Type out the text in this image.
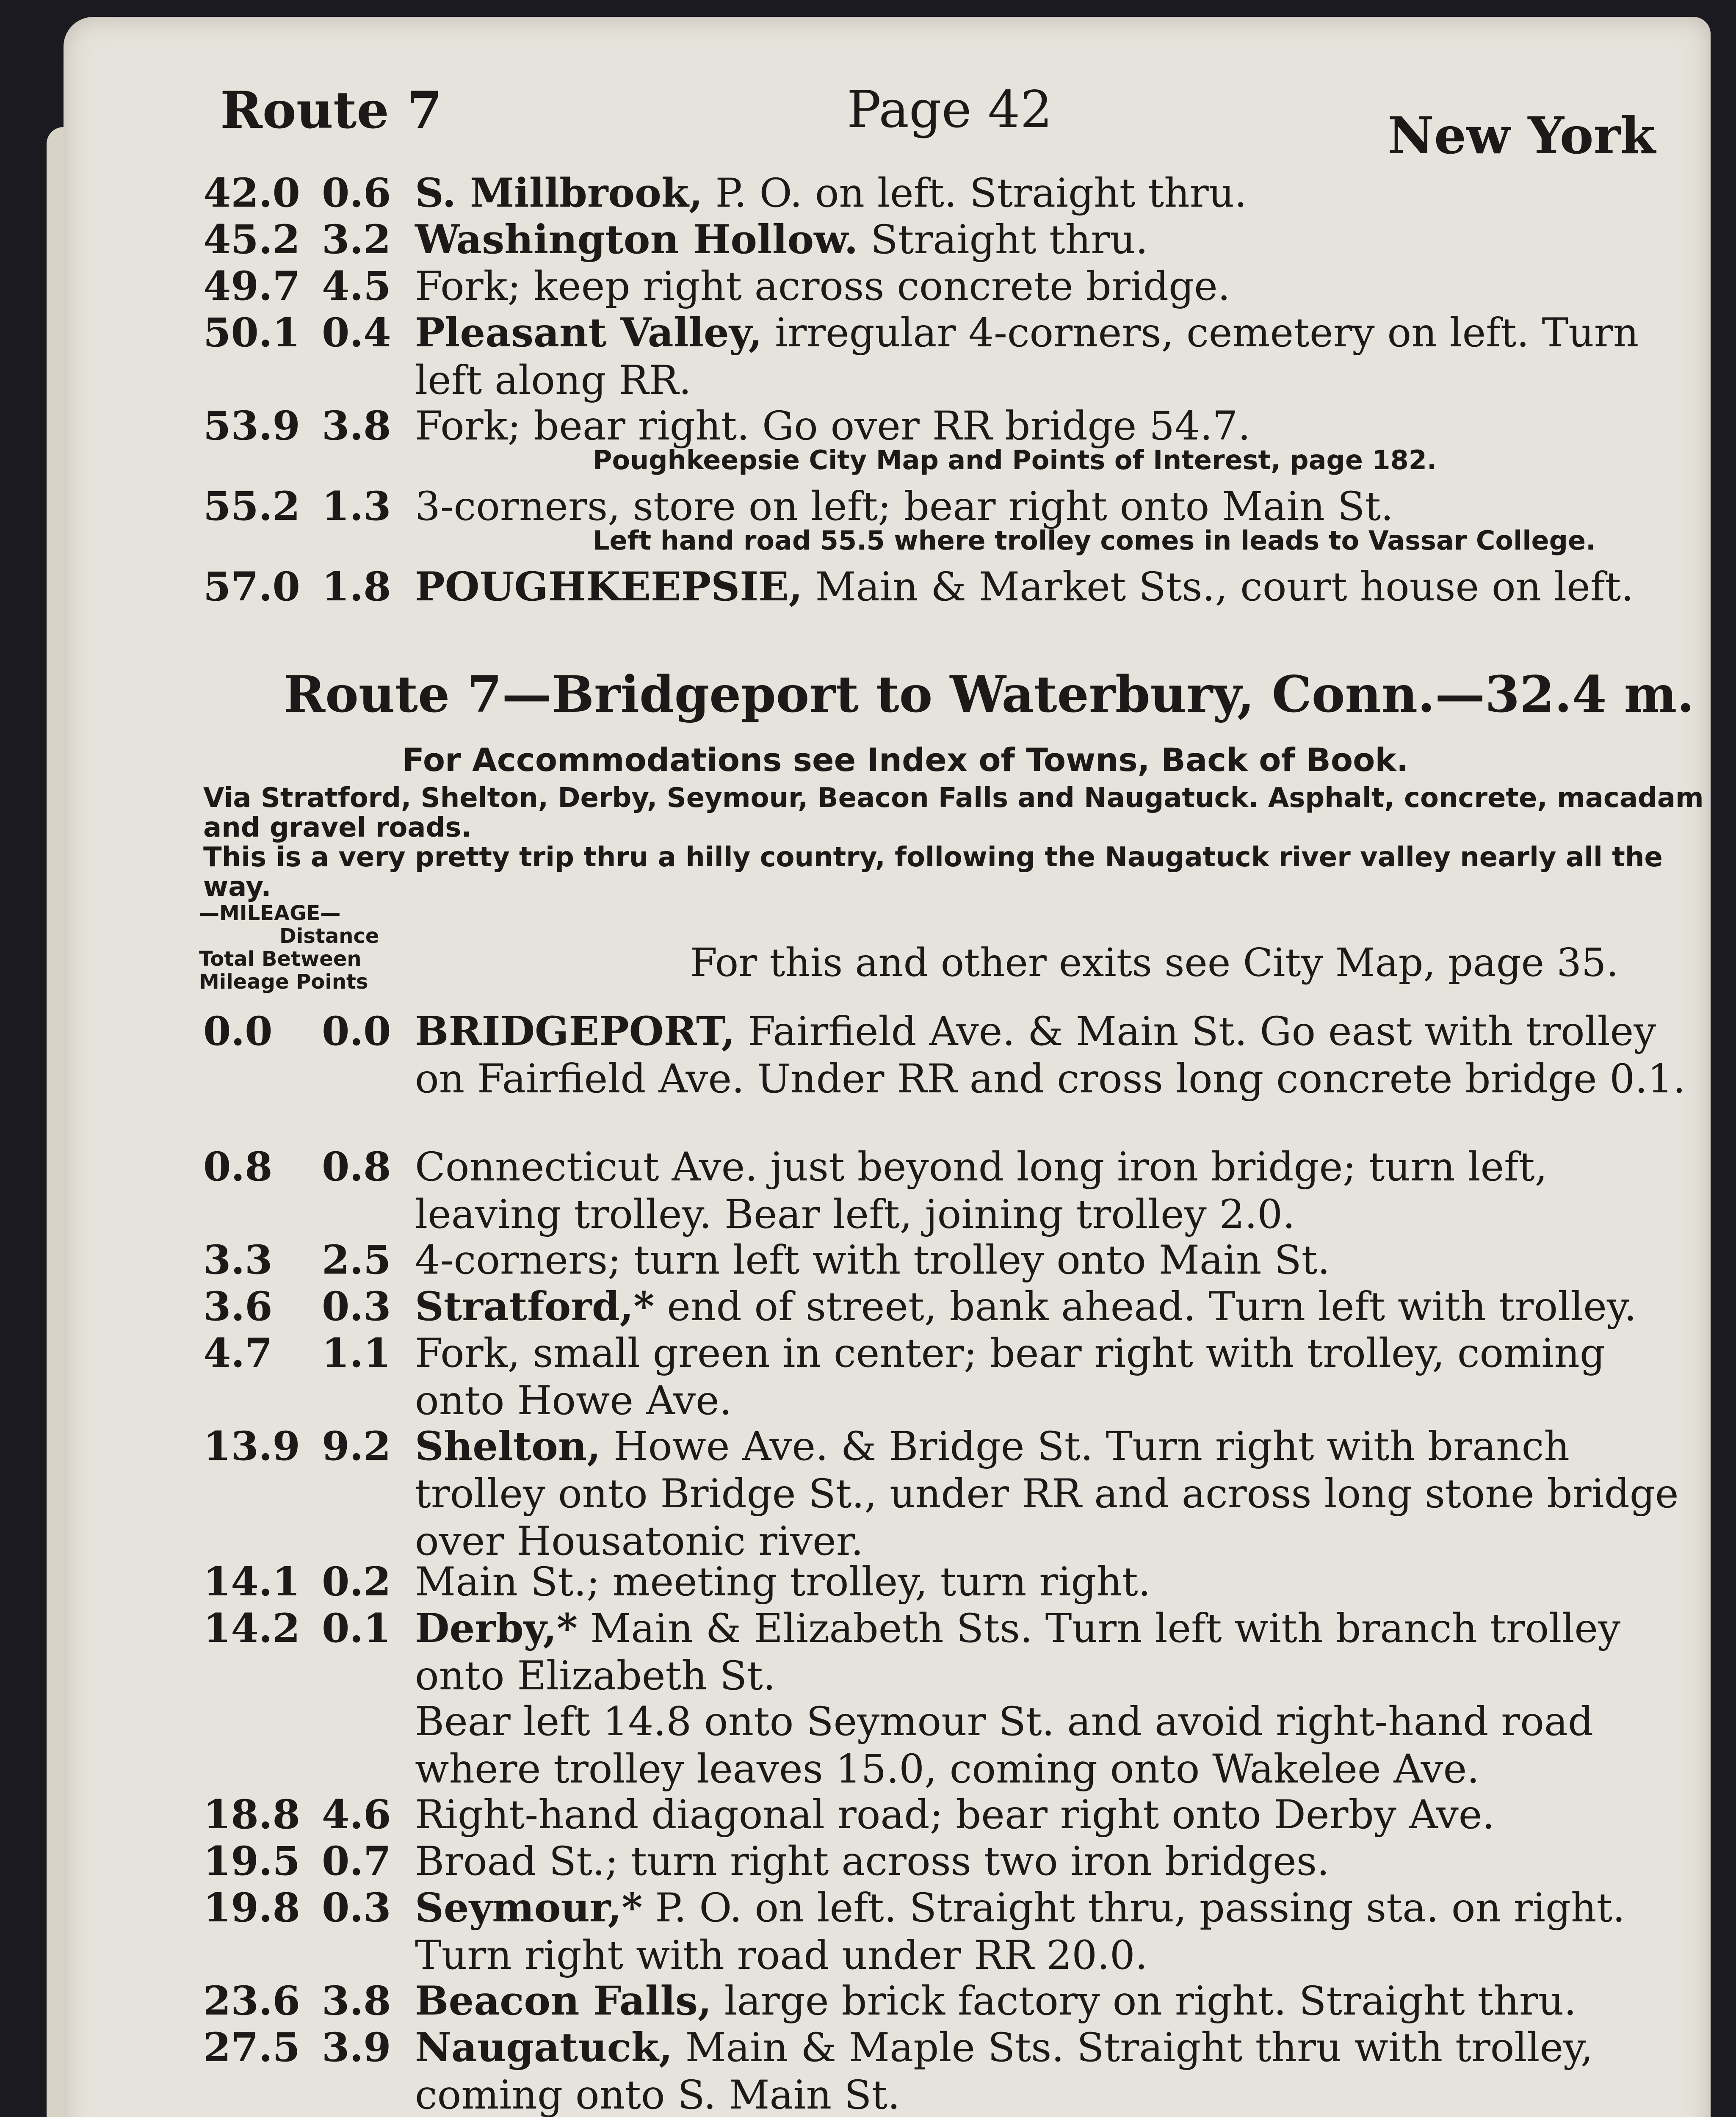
Route 7	Page 42	New York
42.0 0.6 S. Millbrook, P. O. on left. Straight thru.
45.2 3.2 Washington Hollow. Straight thru.
49.7 4.5 Fork; keep right across concrete bridge.
50.1 0.4 Pleasant Valley, irregular 4-corners, cemetery on left. Turn left along RR.
53.9 3.8 Fork; bear right. Go over RR bridge 54.7.
Poughkeepsie City Map and Points of Interest, page 182.
55.2 1.3 3-corners, store on left; bear right onto Main St.
Left hand road 55.5 where trolley comes in leads to Vassar College.
57.0 1.8 POUGHKEEPSIE, Main & Market Sts., court house on left.
Route 7—Bridgeport to Waterbury, Conn.—32.4 m.
For Accommodations see Index of Towns, Back of Book.
Via Stratford, Shelton, Derby, Seymour, Beacon Falls and Naugatuck. Asphalt, concrete, macadam and gravel roads.
This is a very pretty trip thru a hilly country, following the Naugatuck river valley nearly all the way.
—MILEAGE—
Distance
Total Between
Mileage Points	For this and other exits see City Map, page 35.
0.0	0.0 BRIDGEPORT, Fairfield Ave. & Main St. Go east with trolley on Fairfield Ave. Under RR and cross long concrete bridge 0.1.
0.8	0.8 Connecticut Ave. just beyond long iron bridge; turn left, leaving trolley. Bear left, joining trolley 2.0.
3.3	2.5 4-corners; turn left with trolley onto Main St.
3.6	0.3 Stratford,* end of street, bank ahead. Turn left with trolley.
4.7	1.1 Fork, small green in center; bear right with trolley, coming onto Howe Ave.
13.9 9.2 Shelton, Howe Ave. & Bridge St. Turn right with branch trolley onto Bridge St., under RR and across long stone bridge over Housatonic river.
14.1 0.2 Main St.; meeting trolley, turn right.
14.2 0.1 Derby,* Main & Elizabeth Sts. Turn left with branch trolley onto Elizabeth St.
Bear left 14.8 onto Seymour St. and avoid right-hand road where trolley leaves 15.0, coming onto Wakelee Ave.
18.8 4.6 Right-hand diagonal road; bear right onto Derby Ave.
19.5 0.7 Broad St.; turn right across two iron bridges.
19.8 0.3 Seymour,* P. O. on left. Straight thru, passing sta. on right. Turn right with road under RR 20.0.
23.6 3.8 Beacon Falls, large brick factory on right. Straight thru.
27.5 3.9 Naugatuck, Main & Maple Sts. Straight thru with trolley, coming onto S. Main St.
